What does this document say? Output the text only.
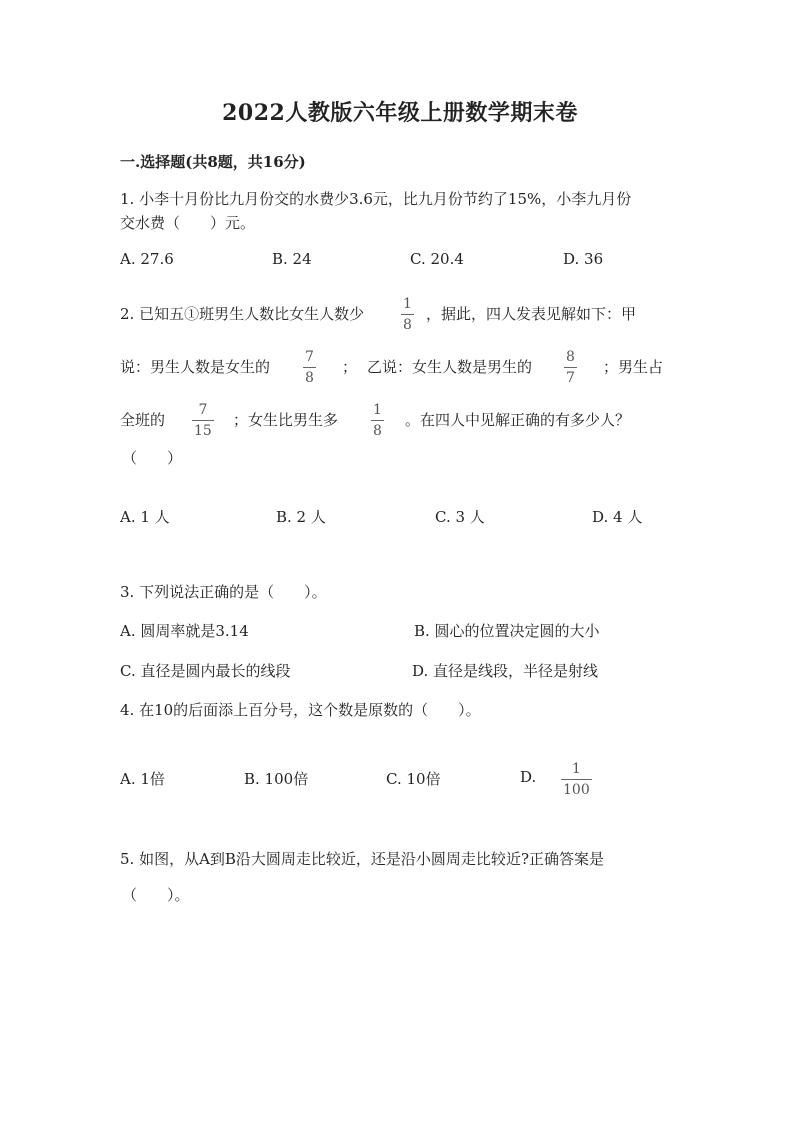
2022人教版六年级上册数学期末卷
一.选择题(共8题，共16分)
1. 小李十月份比九月份交的水费少3.6元，比九月份节约了15%，小李九月份
交水费（　　）元。
A. 27.6	B. 24	C. 20.4	D. 36
2. 已知五①班男生人数比女生人数少
1
8
，据此，四人发表见解如下：甲
说：男生人数是女生的
7
8
； 乙说：女生人数是男生的
8
7
；男生占
全班的
7
15
；女生比男生多
1
8
。在四人中见解正确的有多少人？
（　　）
A. 1 人	B. 2 人	C. 3 人	D. 4 人
3. 下列说法正确的是（　　）。
A. 圆周率就是3.14	B. 圆心的位置决定圆的大小
C. 直径是圆内最长的线段	D. 直径是线段，半径是射线
4. 在10的后面添上百分号，这个数是原数的（　　）。
A. 1倍	B. 100倍	C. 10倍	D.	1
100
5. 如图，从A到B沿大圆周走比较近，还是沿小圆周走比较近?正确答案是
（　　）。
